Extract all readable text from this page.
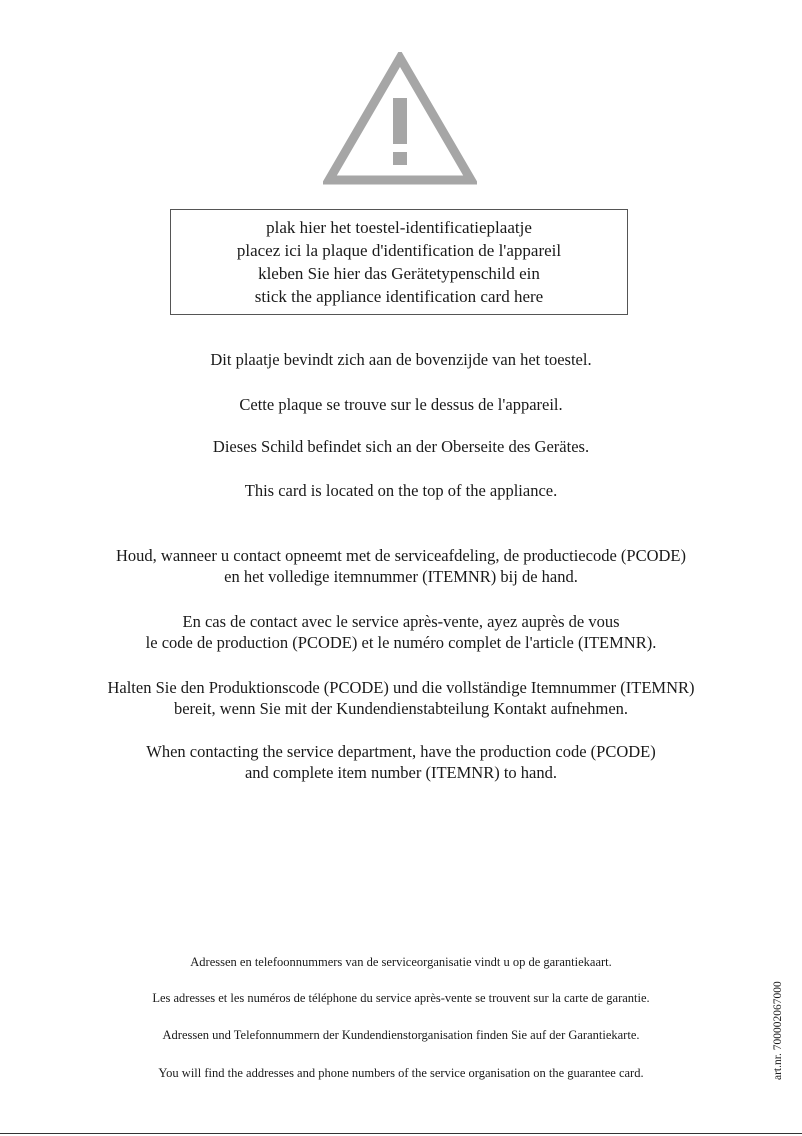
plak hier het toestel-identificatieplaatje
placez ici la plaque d'identification de l'appareil
kleben Sie hier das Gerätetypenschild ein
stick the appliance identification card here
Dit plaatje bevindt zich aan de bovenzijde van het toestel.
Cette plaque se trouve sur le dessus de l'appareil.
Dieses Schild befindet sich an der Oberseite des Gerätes.
This card is located on the top of the appliance.
Houd, wanneer u contact opneemt met de serviceafdeling, de productiecode (PCODE)
en het volledige itemnummer (ITEMNR) bij de hand.
En cas de contact avec le service après-vente, ayez auprès de vous
le code de production (PCODE) et le numéro complet de l'article (ITEMNR).
Halten Sie den Produktionscode (PCODE) und die vollständige Itemnummer (ITEMNR)
bereit, wenn Sie mit der Kundendienstabteilung Kontakt aufnehmen.
When contacting the service department, have the production code (PCODE)
and complete item number (ITEMNR) to hand.
Adressen en telefoonnummers van de serviceorganisatie vindt u op de garantiekaart.
Les adresses et les numéros de téléphone du service après-vente se trouvent sur la carte de garantie.
Adressen und Telefonnummern der Kundendienstorganisation finden Sie auf der Garantiekarte.
You will find the addresses and phone numbers of the service organisation on the guarantee card.	art.nr. 700002067000
